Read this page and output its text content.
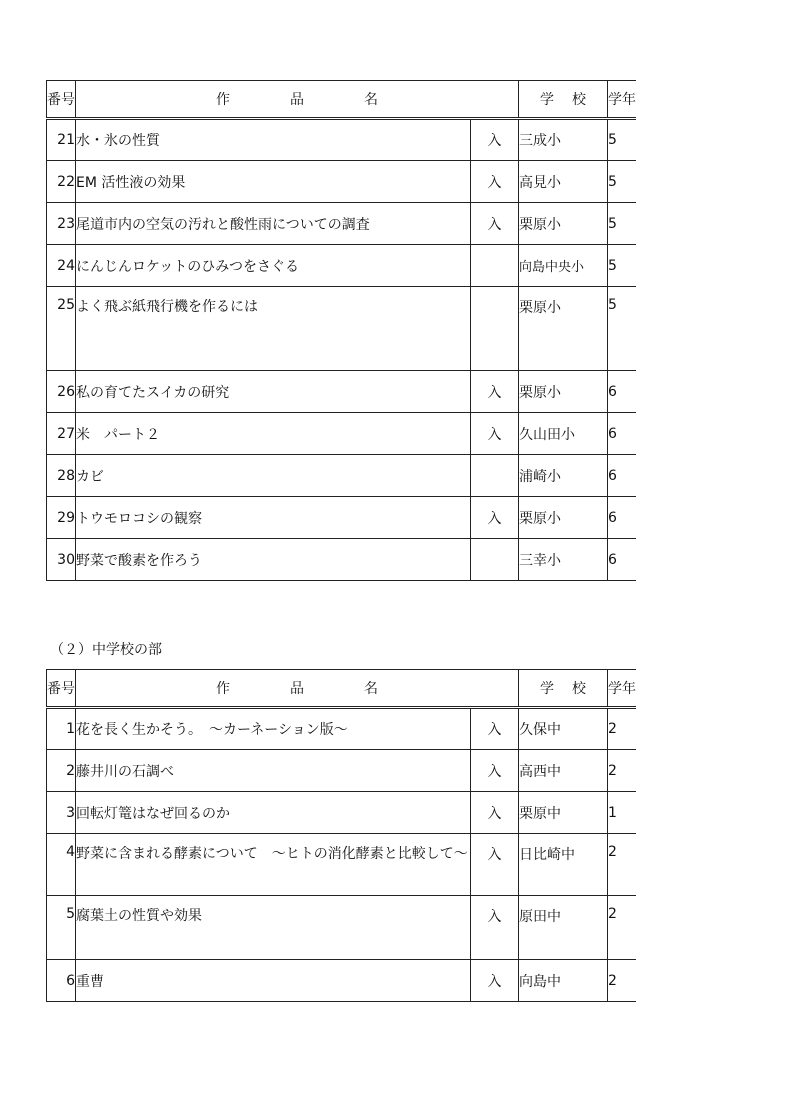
番号	作 品 名		学 校	学年
21	水・氷の性質	入	三成小	5
22	EM 活性液の効果	入	高見小	5
23	尾道市内の空気の汚れと酸性雨についての調査	入	栗原小	5
24	にんじんロケットのひみつをさぐる		向島中央小	5
25	よく飛ぶ紙飛行機を作るには		栗原小	5
26	私の育てたスイカの研究	入	栗原小	6
27	米　パート２	入	久山田小	6
28	カビ		浦崎小	6
29	トウモロコシの観察	入	栗原小	6
30	野菜で酸素を作ろう		三幸小	6

（２）中学校の部

番号	作 品 名		学 校	学年
1	花を長く生かそう。　～カーネーション版～	入	久保中	2
2	藤井川の石調べ	入	高西中	2
3	回転灯篭はなぜ回るのか	入	栗原中	1
4	野菜に含まれる酵素について　～ヒトの消化酵素と比較して～	入	日比崎中	2
5	腐葉土の性質や効果	入	原田中	2
6	重曹	入	向島中	2
